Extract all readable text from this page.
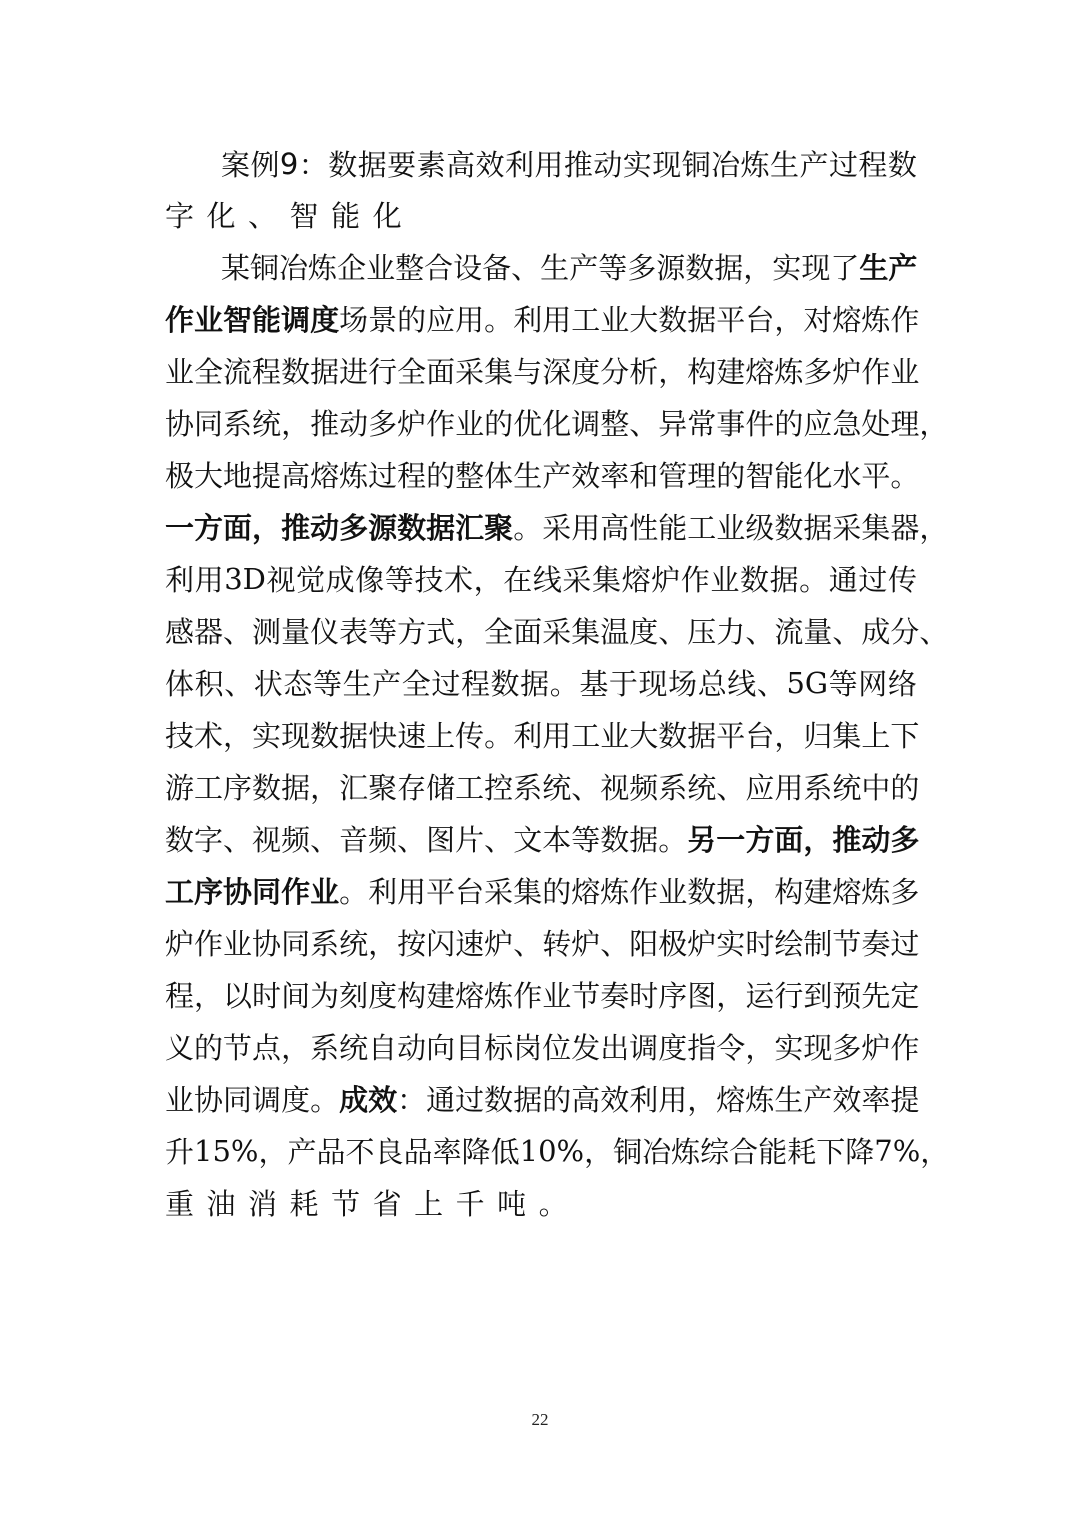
案 例 9 ： 数 据 要 素 高 效 利 用 推 动 实 现 铜 冶 炼 生 产 过 程 数
字 化 、 智 能 化
某 铜 冶 炼 企 业 整 合 设 备 、 生 产 等 多 源 数 据 ， 实 现 了 生 产
作 业 智 能 调 度 场 景 的 应 用 。 利 用 工 业 大 数 据 平 台 ， 对 熔 炼 作
业 全 流 程 数 据 进 行 全 面 采 集 与 深 度 分 析 ， 构 建 熔 炼 多 炉 作 业
协 同 系 统 ， 推 动 多 炉 作 业 的 优 化 调 整 、 异 常 事 件 的 应 急 处 理 ，
极 大 地 提 高 熔 炼 过 程 的 整 体 生 产 效 率 和 管 理 的 智 能 化 水 平 。
一 方 面 ， 推 动 多 源 数 据 汇 聚 。 采 用 高 性 能 工 业 级 数 据 采 集 器 ，
利 用 3D 视 觉 成 像 等 技 术 ， 在 线 采 集 熔 炉 作 业 数 据 。 通 过 传
感 器 、 测 量 仪 表 等 方 式 ， 全 面 采 集 温 度 、 压 力 、 流 量 、 成 分 、
体 积 、 状 态 等 生 产 全 过 程 数 据 。 基 于 现 场 总 线 、 5G 等 网 络
技 术 ， 实 现 数 据 快 速 上 传 。 利 用 工 业 大 数 据 平 台 ， 归 集 上 下
游 工 序 数 据 ， 汇 聚 存 储 工 控 系 统 、 视 频 系 统 、 应 用 系 统 中 的
数 字 、 视 频 、 音 频 、 图 片 、 文 本 等 数 据 。 另 一 方 面 ， 推 动 多
工 序 协 同 作 业 。 利 用 平 台 采 集 的 熔 炼 作 业 数 据 ， 构 建 熔 炼 多
炉 作 业 协 同 系 统 ， 按 闪 速 炉 、 转 炉 、 阳 极 炉 实 时 绘 制 节 奏 过
程 ， 以 时 间 为 刻 度 构 建 熔 炼 作 业 节 奏 时 序 图 ， 运 行 到 预 先 定
义 的 节 点 ， 系 统 自 动 向 目 标 岗 位 发 出 调 度 指 令 ， 实 现 多 炉 作
业 协 同 调 度 。 成 效 ： 通 过 数 据 的 高 效 利 用 ， 熔 炼 生 产 效 率 提
升 15% ， 产 品 不 良 品 率 降 低 10% ， 铜 冶 炼 综 合 能 耗 下 降 7% ，
重 油 消 耗 节 省 上 千 吨 。
22
